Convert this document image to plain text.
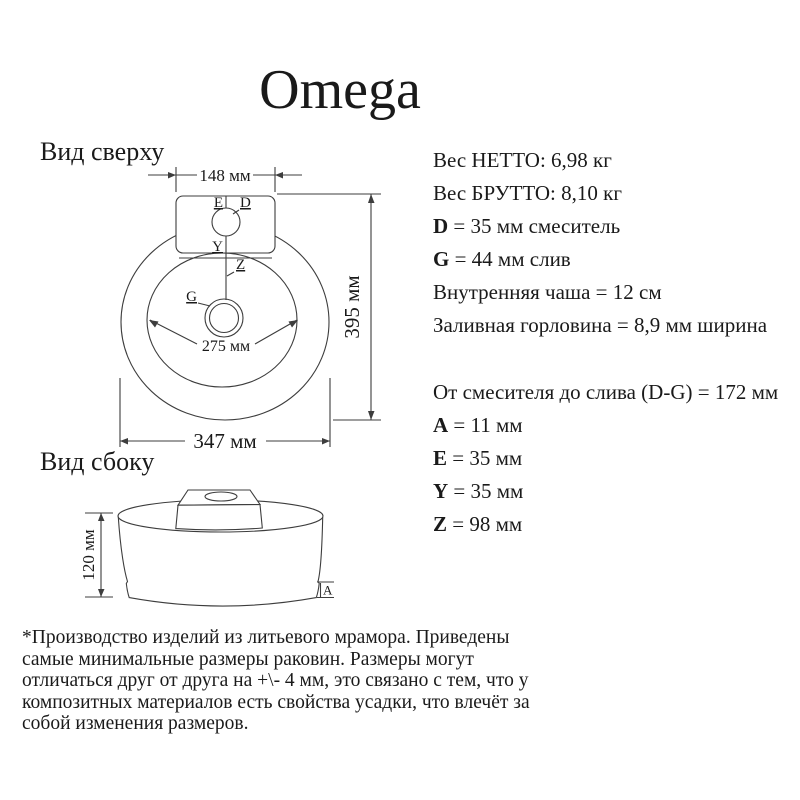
Omega
Вид сверху
148 мм
E D
Y
Z
G
275 мм
395 мм
347 мм
Вид сбоку
120 мм
A
Вес НЕТТО: 6,98 кг
Вес БРУТТО: 8,10 кг
D = 35 мм смеситель
G = 44 мм слив
Внутренняя чаша = 12 см
Заливная горловина = 8,9 мм ширина
От смесителя до слива (D-G) = 172 мм
A = 11 мм
E = 35 мм
Y = 35 мм
Z = 98 мм
*Производство изделий из литьевого мрамора. Приведены
самые минимальные размеры раковин. Размеры могут
отличаться друг от друга на +\- 4 мм, это связано с тем, что у
композитных материалов есть свойства усадки, что влечёт за
собой изменения размеров.
